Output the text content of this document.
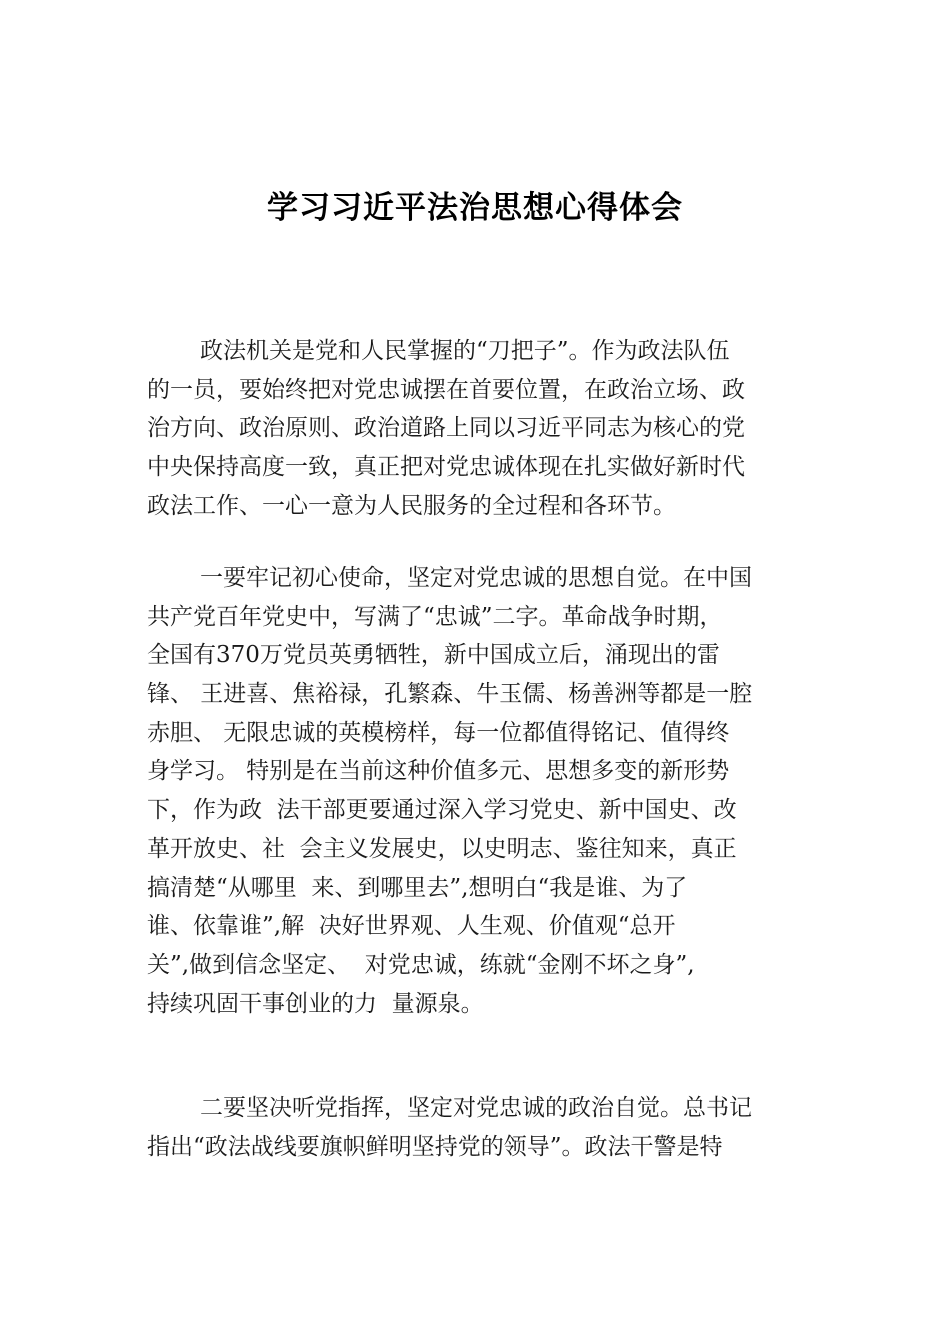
学习习近平法治思想心得体会
政法机关是党和人民掌握的“刀把子”。作为政法队伍
的一员，要始终把对党忠诚摆在首要位置，在政治立场、政
治方向、政治原则、政治道路上同以习近平同志为核心的党
中央保持高度一致，真正把对党忠诚体现在扎实做好新时代
政法工作、一心一意为人民服务的全过程和各环节。
一要牢记初心使命，坚定对党忠诚的思想自觉。在中国
共产党百年党史中，写满了“忠诚”二字。革命战争时期，
全国有370万党员英勇牺牲，新中国成立后，涌现出的雷
锋、 王进喜、焦裕禄，孔繁森、牛玉儒、杨善洲等都是一腔
赤胆、 无限忠诚的英模榜样，每一位都值得铭记、值得终
身学习。 特别是在当前这种价值多元、思想多变的新形势
下，作为政  法干部更要通过深入学习党史、新中国史、改
革开放史、社  会主义发展史，以史明志、鉴往知来，真正
搞清楚“从哪里  来、到哪里去”,想明白“我是谁、为了
谁、依靠谁”,解  决好世界观、人生观、价值观“总开
关”,做到信念坚定、  对党忠诚，练就“金刚不坏之身”,
持续巩固干事创业的力  量源泉。
二要坚决听党指挥，坚定对党忠诚的政治自觉。总书记
指出“政法战线要旗帜鲜明坚持党的领导”。政法干警是特
